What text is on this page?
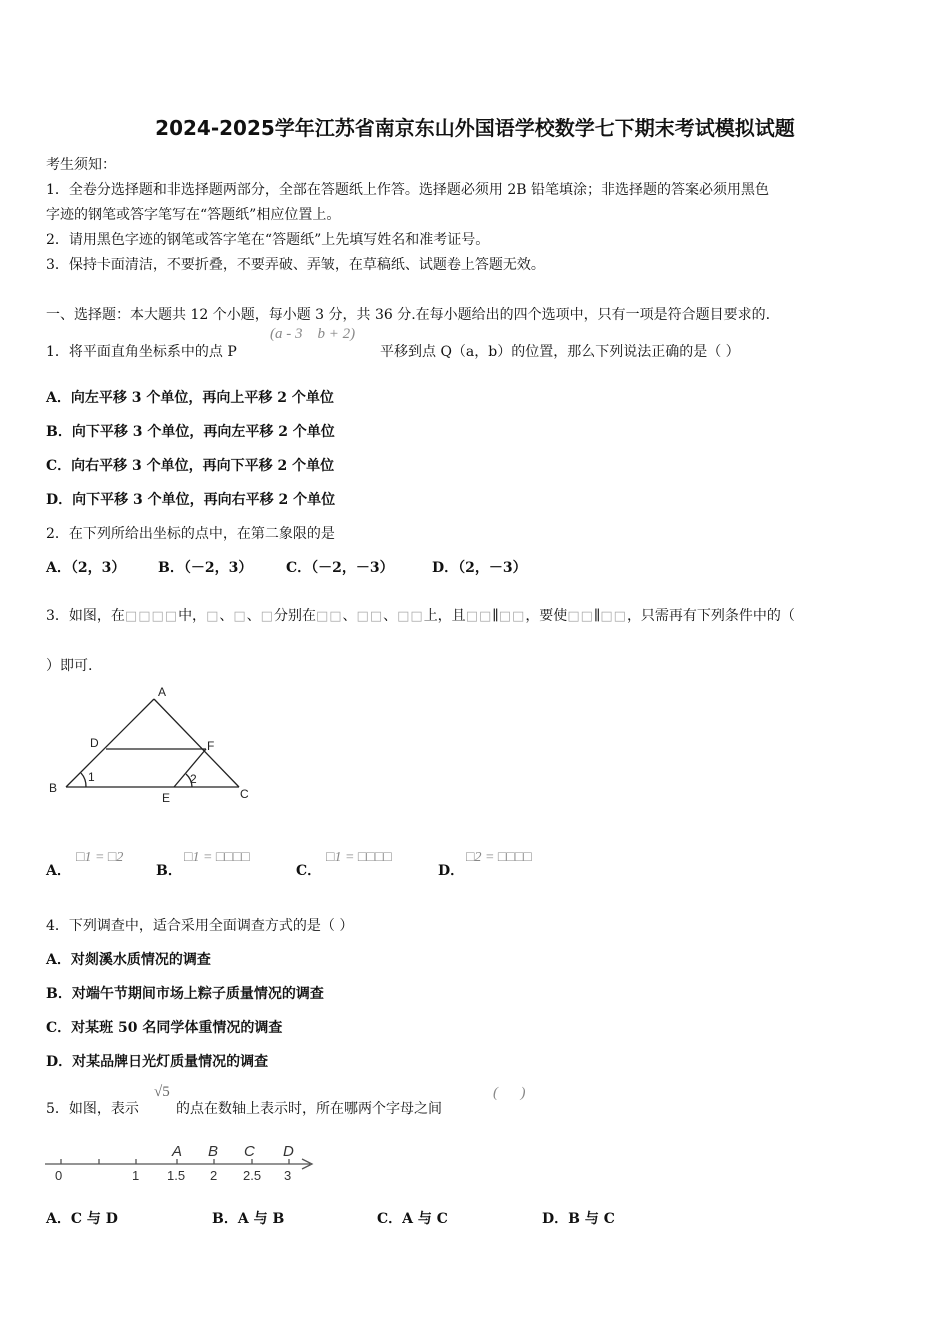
2024-2025学年江苏省南京东山外国语学校数学七下期末考试模拟试题
考生须知：
1．全卷分选择题和非选择题两部分，全部在答题纸上作答。选择题必须用 2B 铅笔填涂；非选择题的答案必须用黑色
字迹的钢笔或答字笔写在“答题纸”相应位置上。
2．请用黑色字迹的钢笔或答字笔在“答题纸”上先填写姓名和准考证号。
3．保持卡面清洁，不要折叠，不要弄破、弄皱，在草稿纸、试题卷上答题无效。
一、选择题：本大题共 12 个小题，每小题 3 分，共 36 分.在每小题给出的四个选项中，只有一项是符合题目要求的.
1．将平面直角坐标系中的点 P
(a - 3    b + 2)
平移到点 Q（a，b）的位置，那么下列说法正确的是（ ）
A．向左平移 3 个单位，再向上平移 2 个单位
B．向下平移 3 个单位，再向左平移 2 个单位
C．向右平移 3 个单位，再向下平移 2 个单位
D．向下平移 3 个单位，再向右平移 2 个单位
2．在下列所给出坐标的点中，在第二象限的是
A．（2，3） B．（－2，3） C．（－2，－3）	D．（2，－3）
3．如图，在□□□□中，□、□、□分别在□□、□□、□□上，且□□∥□□，要使□□∥□□，只需再有下列条件中的（
）即可.
A
B	C
D
E
F
1	2
A．
□1 = □2
B．
□1 = □□□□
C．
□1 = □□□□
D．
□2 = □□□□
4．下列调查中，适合采用全面调查方式的是（ ）
A．对剡溪水质情况的调查
B．对端午节期间市场上粽子质量情况的调查
C．对某班 50 名同学体重情况的调查
D．对某品牌日光灯质量情况的调查
5．如图，表示
√5
的点在数轴上表示时，所在哪两个字母之间
(      )
0	1 1.5 2 2.5 3
A B C D
A．C 与 D	B．A 与 B	C．A 与 C	D．B 与 C
